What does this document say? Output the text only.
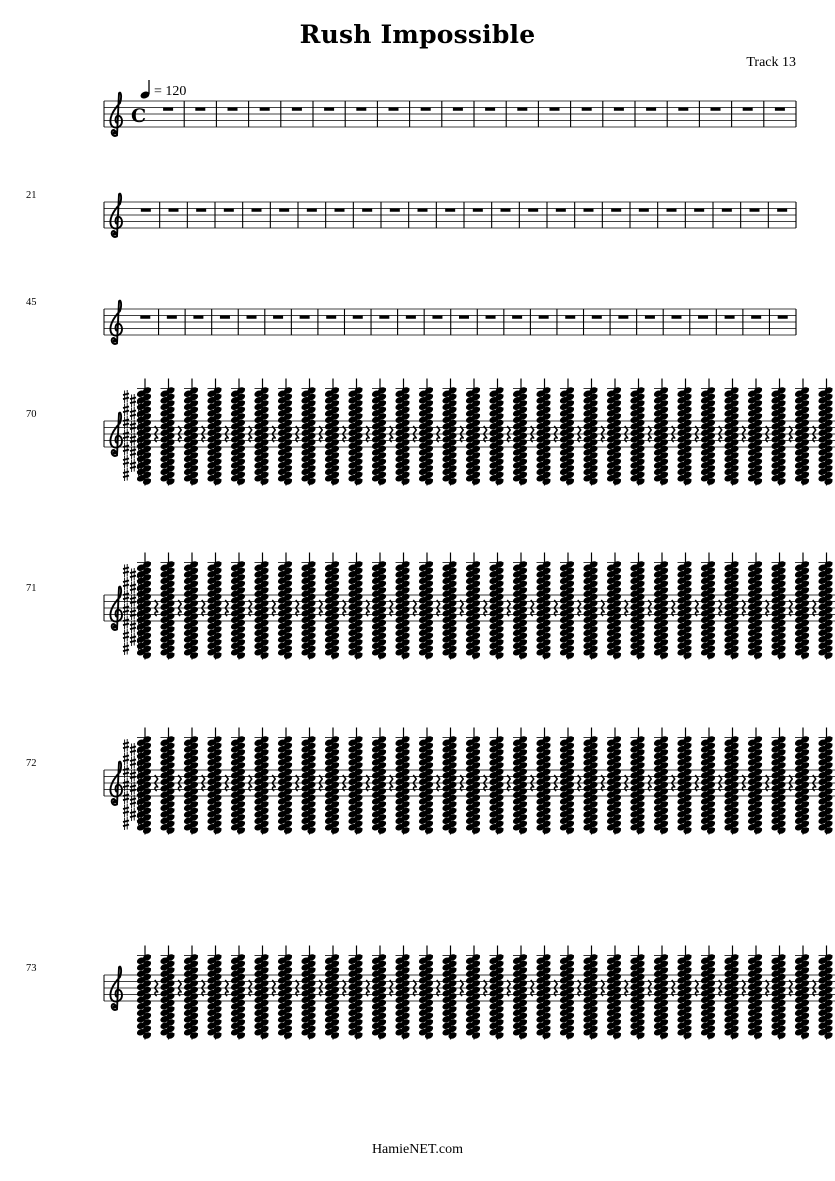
Rush Impossible
Track 13
= 120
C
21
45
70
71
72
73
HamieNET.com
